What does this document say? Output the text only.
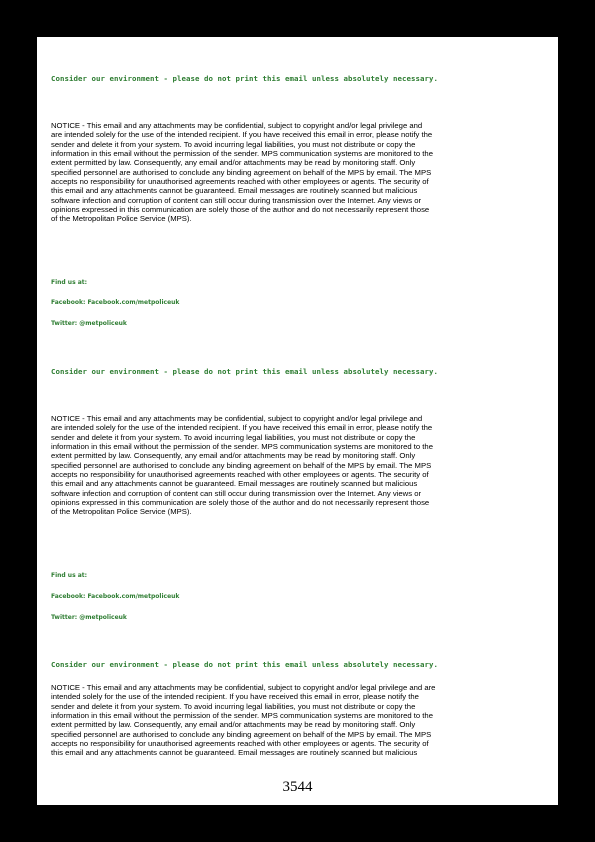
Consider our environment - please do not print this email unless absolutely necessary.
NOTICE - This email and any attachments may be confidential, subject to copyright and/or legal privilege and
are intended solely for the use of the intended recipient. If you have received this email in error, please notify the
sender and delete it from your system. To avoid incurring legal liabilities, you must not distribute or copy the
information in this email without the permission of the sender. MPS communication systems are monitored to the
extent permitted by law. Consequently, any email and/or attachments may be read by monitoring staff. Only
specified personnel are authorised to conclude any binding agreement on behalf of the MPS by email. The MPS
accepts no responsibility for unauthorised agreements reached with other employees or agents. The security of
this email and any attachments cannot be guaranteed. Email messages are routinely scanned but malicious
software infection and corruption of content can still occur during transmission over the Internet. Any views or
opinions expressed in this communication are solely those of the author and do not necessarily represent those
of the Metropolitan Police Service (MPS).
Find us at:
Facebook: Facebook.com/metpoliceuk
Twitter: @metpoliceuk
Consider our environment - please do not print this email unless absolutely necessary.
NOTICE - This email and any attachments may be confidential, subject to copyright and/or legal privilege and
are intended solely for the use of the intended recipient. If you have received this email in error, please notify the
sender and delete it from your system. To avoid incurring legal liabilities, you must not distribute or copy the
information in this email without the permission of the sender. MPS communication systems are monitored to the
extent permitted by law. Consequently, any email and/or attachments may be read by monitoring staff. Only
specified personnel are authorised to conclude any binding agreement on behalf of the MPS by email. The MPS
accepts no responsibility for unauthorised agreements reached with other employees or agents. The security of
this email and any attachments cannot be guaranteed. Email messages are routinely scanned but malicious
software infection and corruption of content can still occur during transmission over the Internet. Any views or
opinions expressed in this communication are solely those of the author and do not necessarily represent those
of the Metropolitan Police Service (MPS).
Find us at:
Facebook: Facebook.com/metpoliceuk
Twitter: @metpoliceuk
Consider our environment - please do not print this email unless absolutely necessary.
NOTICE - This email and any attachments may be confidential, subject to copyright and/or legal privilege and are
intended solely for the use of the intended recipient. If you have received this email in error, please notify the
sender and delete it from your system. To avoid incurring legal liabilities, you must not distribute or copy the
information in this email without the permission of the sender. MPS communication systems are monitored to the
extent permitted by law. Consequently, any email and/or attachments may be read by monitoring staff. Only
specified personnel are authorised to conclude any binding agreement on behalf of the MPS by email. The MPS
accepts no responsibility for unauthorised agreements reached with other employees or agents. The security of
this email and any attachments cannot be guaranteed. Email messages are routinely scanned but malicious
3544
